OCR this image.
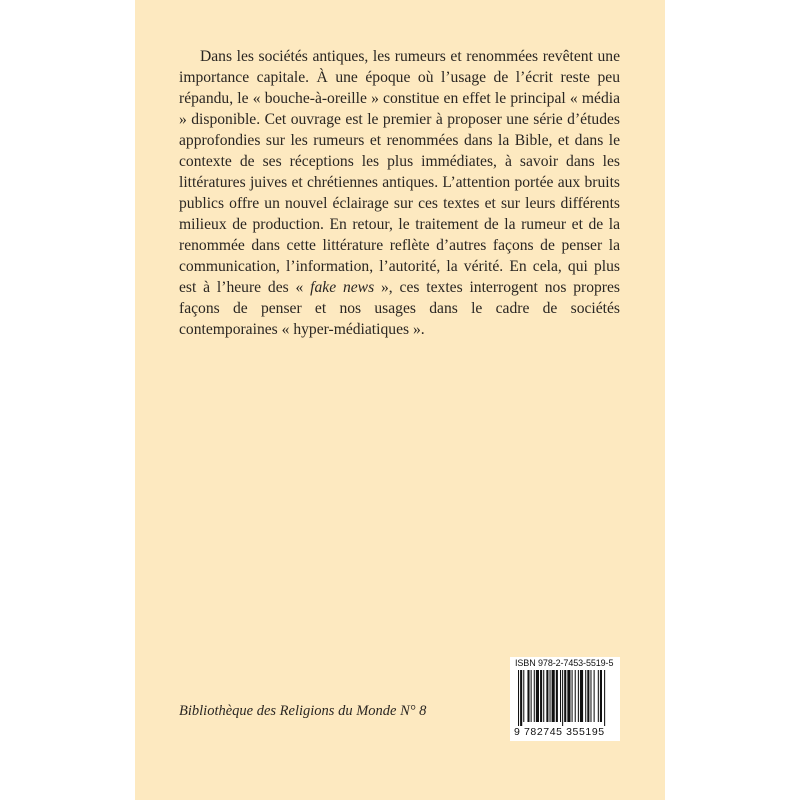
Dans les sociétés antiques, les rumeurs et renommées revêtent une importance capitale. À une époque où l’usage de l’écrit reste peu répandu, le « bouche-à-oreille » constitue en effet le principal « média » disponible. Cet ouvrage est le premier à proposer une série d’études approfondies sur les rumeurs et renommées dans la Bible, et dans le contexte de ses réceptions les plus immédiates, à savoir dans les littératures juives et chrétiennes antiques. L’attention portée aux bruits publics offre un nouvel éclairage sur ces textes et sur leurs différents milieux de production. En retour, le traitement de la rumeur et de la renommée dans cette littérature reflète d’autres façons de penser la communication, l’information, l’autorité, la vérité. En cela, qui plus est à l’heure des « fake news », ces textes interrogent nos propres façons de penser et nos usages dans le cadre de sociétés contemporaines « hyper-médiatiques ».

Bibliothèque des Religions du Monde N° 8
ISBN 978-2-7453-5519-5
9 782745 355195
